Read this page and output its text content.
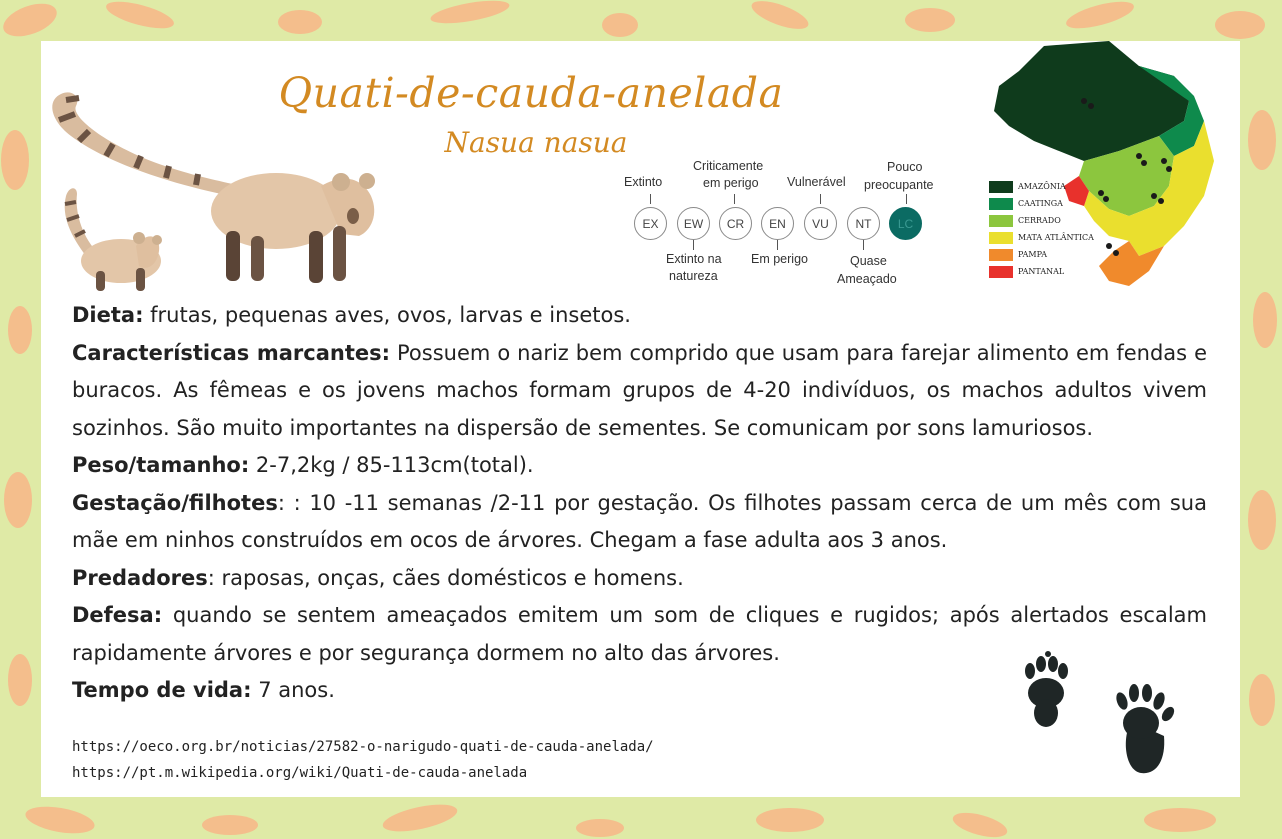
Quati-de-cauda-anelada
Nasua nasua
Extinto
Criticamente
em perigo Vulnerável
Pouco
preocupante
EX	EW	CR	EN	VU	NT	LC
Extinto na
natureza
Em perigo	Quase
Ameaçado
AMAZÔNIA
CAATINGA
CERRADO
MATA ATLÂNTICA
PAMPA
PANTANAL

Dieta: frutas, pequenas aves, ovos, larvas e insetos.

Características marcantes: Possuem o nariz bem comprido que usam para farejar alimento em fendas e buracos. As fêmeas e os jovens machos formam grupos de 4-20 indivíduos, os machos adultos vivem sozinhos. São muito importantes na dispersão de sementes. Se comunicam por sons lamuriosos.

Peso/tamanho: 2-7,2kg / 85-113cm(total).

Gestação/filhotes: : 10 -11 semanas /2-11 por gestação. Os filhotes passam cerca de um mês com sua mãe em ninhos construídos em ocos de árvores. Chegam a fase adulta aos 3 anos.

Predadores: raposas, onças, cães domésticos e homens.

Defesa: quando se sentem ameaçados emitem um som de cliques e rugidos; após alertados escalam rapidamente árvores e por segurança dormem no alto das árvores.

Tempo de vida: 7 anos.

https://oeco.org.br/noticias/27582-o-narigudo-quati-de-cauda-anelada/
https://pt.m.wikipedia.org/wiki/Quati-de-cauda-anelada
